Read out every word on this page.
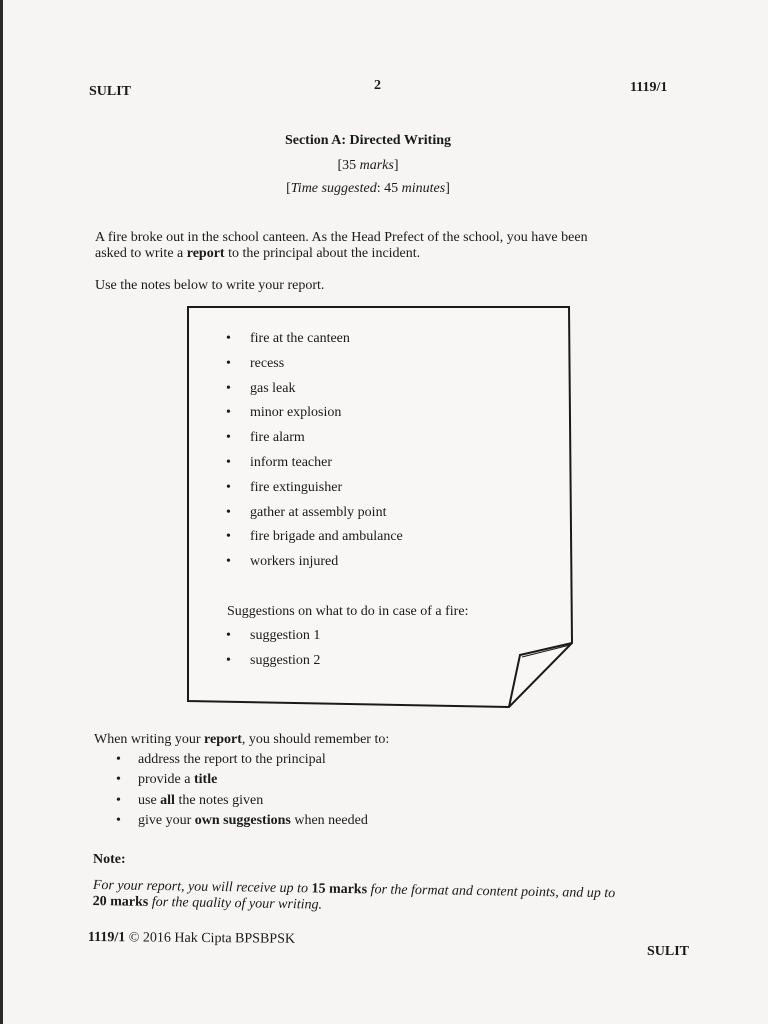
SULIT	2	1119/1
Section A: Directed Writing
[35 marks]
[Time suggested: 45 minutes]
A fire broke out in the school canteen. As the Head Prefect of the school, you have been
asked to write a report to the principal about the incident.
Use the notes below to write your report.
• fire at the canteen
• recess
• gas leak
• minor explosion
• fire alarm
• inform teacher
• fire extinguisher
• gather at assembly point
• fire brigade and ambulance
• workers injured
Suggestions on what to do in case of a fire:
• suggestion 1
• suggestion 2
When writing your report, you should remember to:
• address the report to the principal
• provide a title
• use all the notes given
• give your own suggestions when needed
Note:
For your report, you will receive up to 15 marks for the format and content points, and up to
20 marks for the quality of your writing.
1119/1 © 2016 Hak Cipta BPSBPSK
SULIT
